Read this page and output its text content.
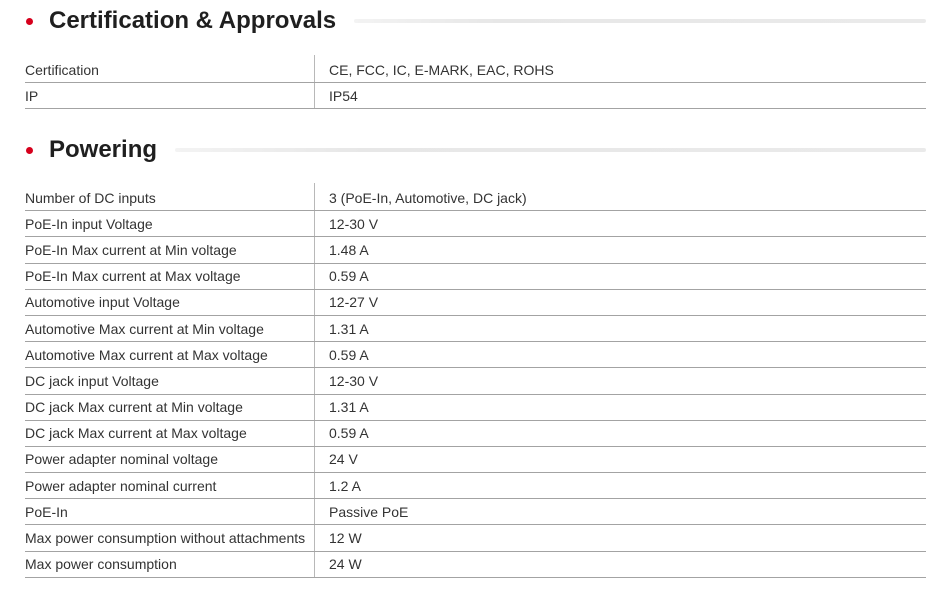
Certification & Approvals
Certification	CE, FCC, IC, E-MARK, EAC, ROHS
IP	IP54
Powering
Number of DC inputs	3 (PoE-In, Automotive, DC jack)
PoE-In input Voltage	12-30 V
PoE-In Max current at Min voltage	1.48 A
PoE-In Max current at Max voltage	0.59 A
Automotive input Voltage	12-27 V
Automotive Max current at Min voltage	1.31 A
Automotive Max current at Max voltage	0.59 A
DC jack input Voltage	12-30 V
DC jack Max current at Min voltage	1.31 A
DC jack Max current at Max voltage	0.59 A
Power adapter nominal voltage	24 V
Power adapter nominal current	1.2 A
PoE-In	Passive PoE
Max power consumption without attachments	12 W
Max power consumption	24 W
